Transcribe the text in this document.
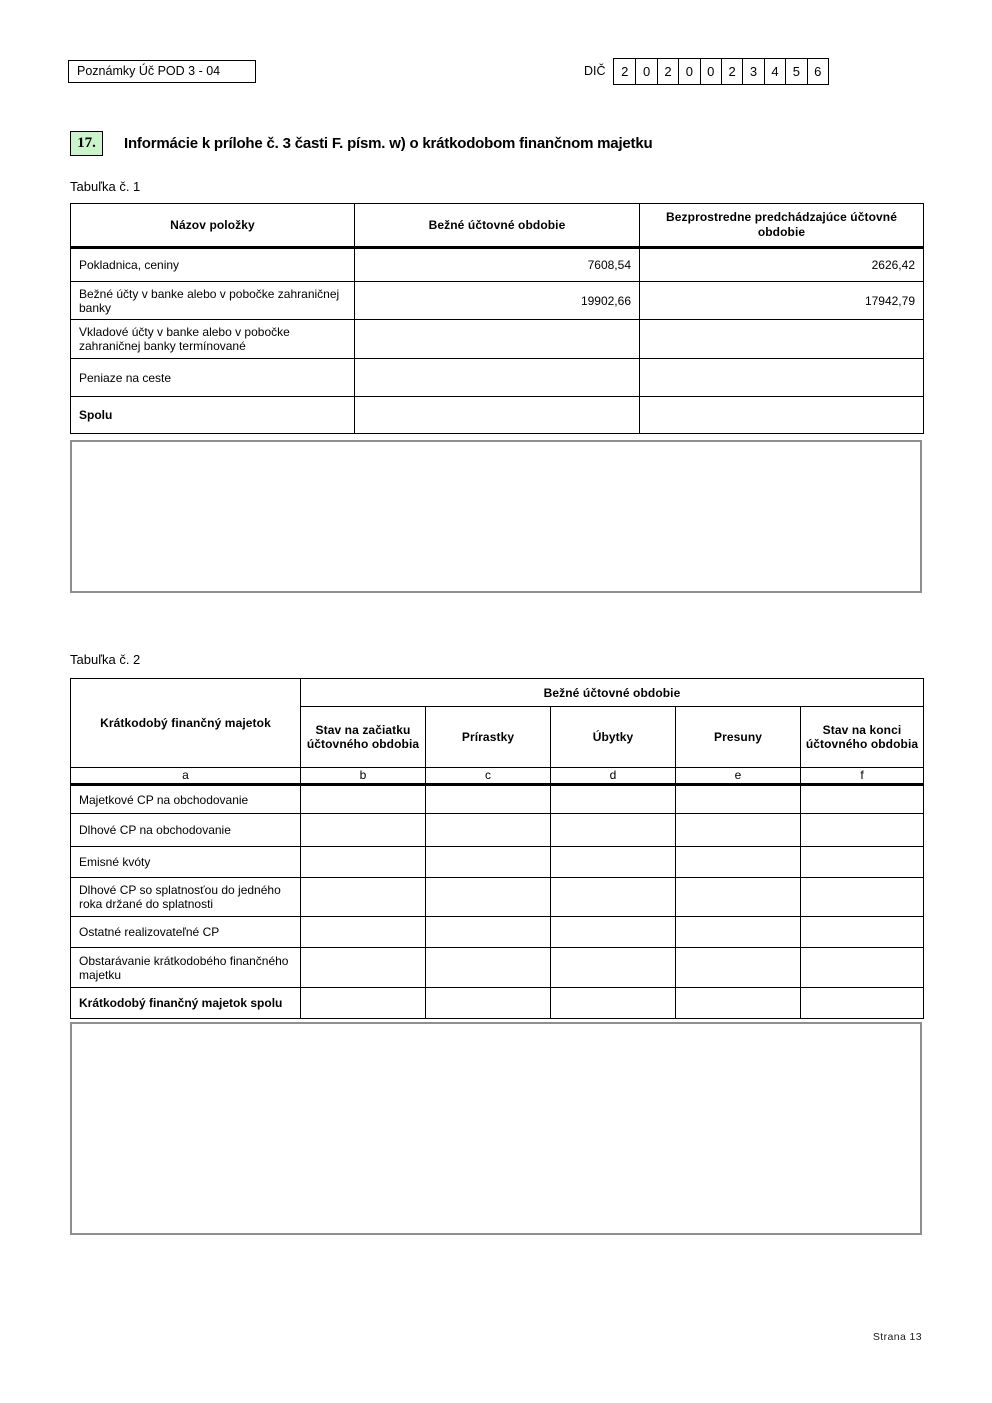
Poznámky Úč POD 3 - 04	DIČ	2	0	2	0	0	2	3	4	5	6
17.	Informácie k prílohe č. 3 časti F. písm. w) o krátkodobom finančnom majetku
Tabuľka č. 1
Názov položky	Bežné účtovné obdobie	Bezprostredne predchádzajúce účtovné obdobie
Pokladnica, ceniny	7608,54	2626,42
Bežné účty v banke alebo v pobočke zahraničnej banky	19902,66	17942,79
Vkladové účty v banke alebo v pobočke zahraničnej banky termínované		
Peniaze na ceste		
Spolu		
Tabuľka č. 2
Krátkodobý finančný majetok	Bežné účtovné obdobie				
	Stav na začiatku účtovného obdobia	Prírastky	Úbytky	Presuny	Stav na konci účtovného obdobia
a	b	c	d	e	f
Majetkové CP na obchodovanie					
Dlhové CP na obchodovanie					
Emisné kvóty					
Dlhové CP so splatnosťou do jedného roka držané do splatnosti					
Ostatné realizovateľné CP					
Obstarávanie krátkodobého finančného majetku					
Krátkodobý finančný majetok spolu					
Strana 13
